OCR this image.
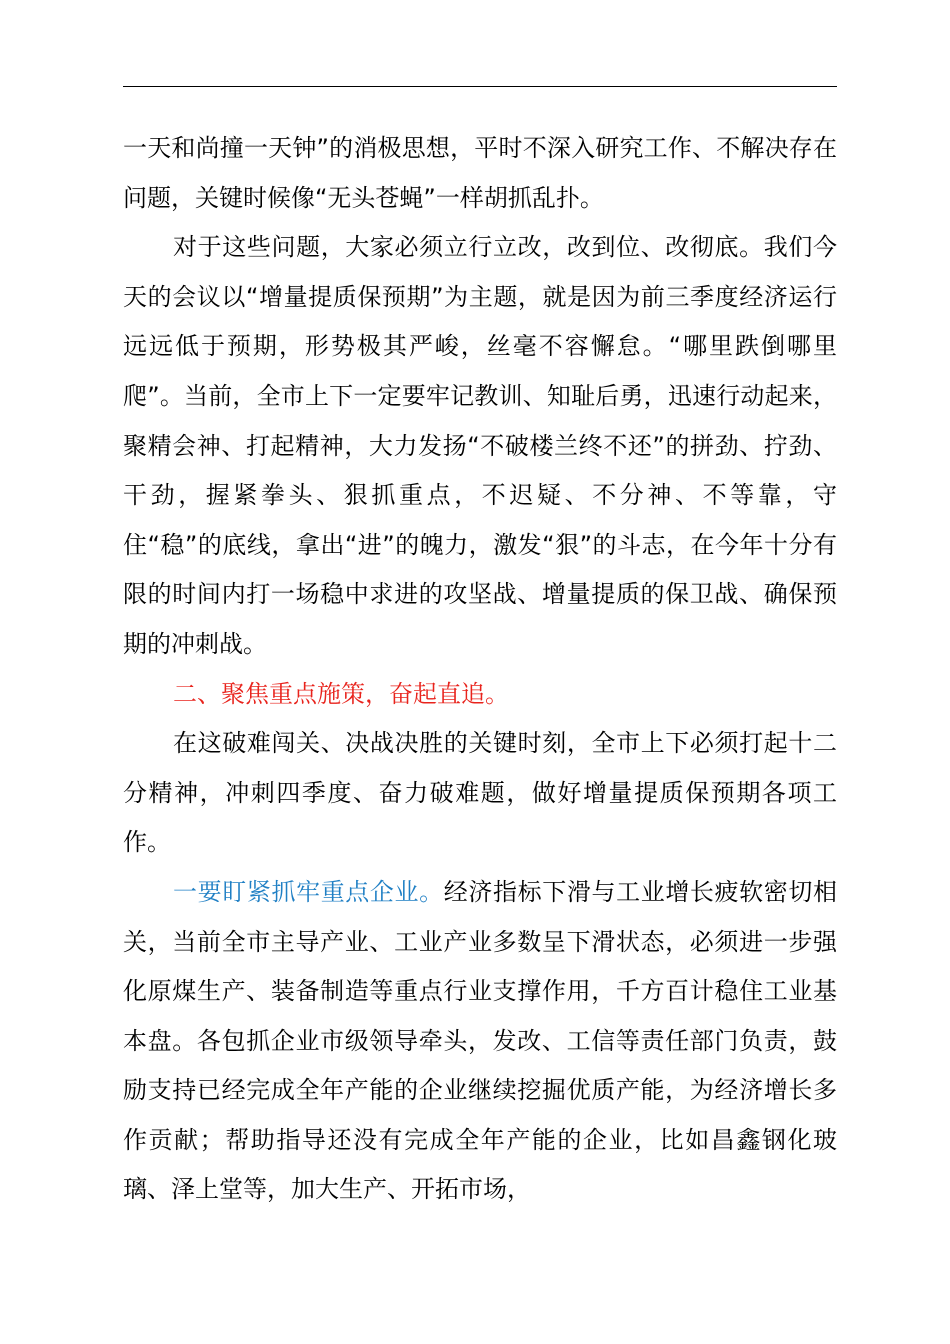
一天和尚撞一天钟”的消极思想，平时不深入研究工作、不解决存在问题，关键时候像“无头苍蝇”一样胡抓乱扑。

对于这些问题，大家必须立行立改，改到位、改彻底。我们今天的会议以“增量提质保预期”为主题，就是因为前三季度经济运行远远低于预期，形势极其严峻，丝毫不容懈怠。“哪里跌倒哪里爬”。当前，全市上下一定要牢记教训、知耻后勇，迅速行动起来，聚精会神、打起精神，大力发扬“不破楼兰终不还”的拼劲、拧劲、干劲，握紧拳头、狠抓重点，不迟疑、不分神、不等靠，守住“稳”的底线，拿出“进”的魄力，激发“狠”的斗志，在今年十分有限的时间内打一场稳中求进的攻坚战、增量提质的保卫战、确保预期的冲刺战。

二、聚焦重点施策，奋起直追。

在这破难闯关、决战决胜的关键时刻，全市上下必须打起十二分精神，冲刺四季度、奋力破难题，做好增量提质保预期各项工作。

一要盯紧抓牢重点企业。经济指标下滑与工业增长疲软密切相关，当前全市主导产业、工业产业多数呈下滑状态，必须进一步强化原煤生产、装备制造等重点行业支撑作用，千方百计稳住工业基本盘。各包抓企业市级领导牵头，发改、工信等责任部门负责，鼓励支持已经完成全年产能的企业继续挖掘优质产能，为经济增长多作贡献；帮助指导还没有完成全年产能的企业，比如昌鑫钢化玻璃、泽上堂等，加大生产、开拓市场，
